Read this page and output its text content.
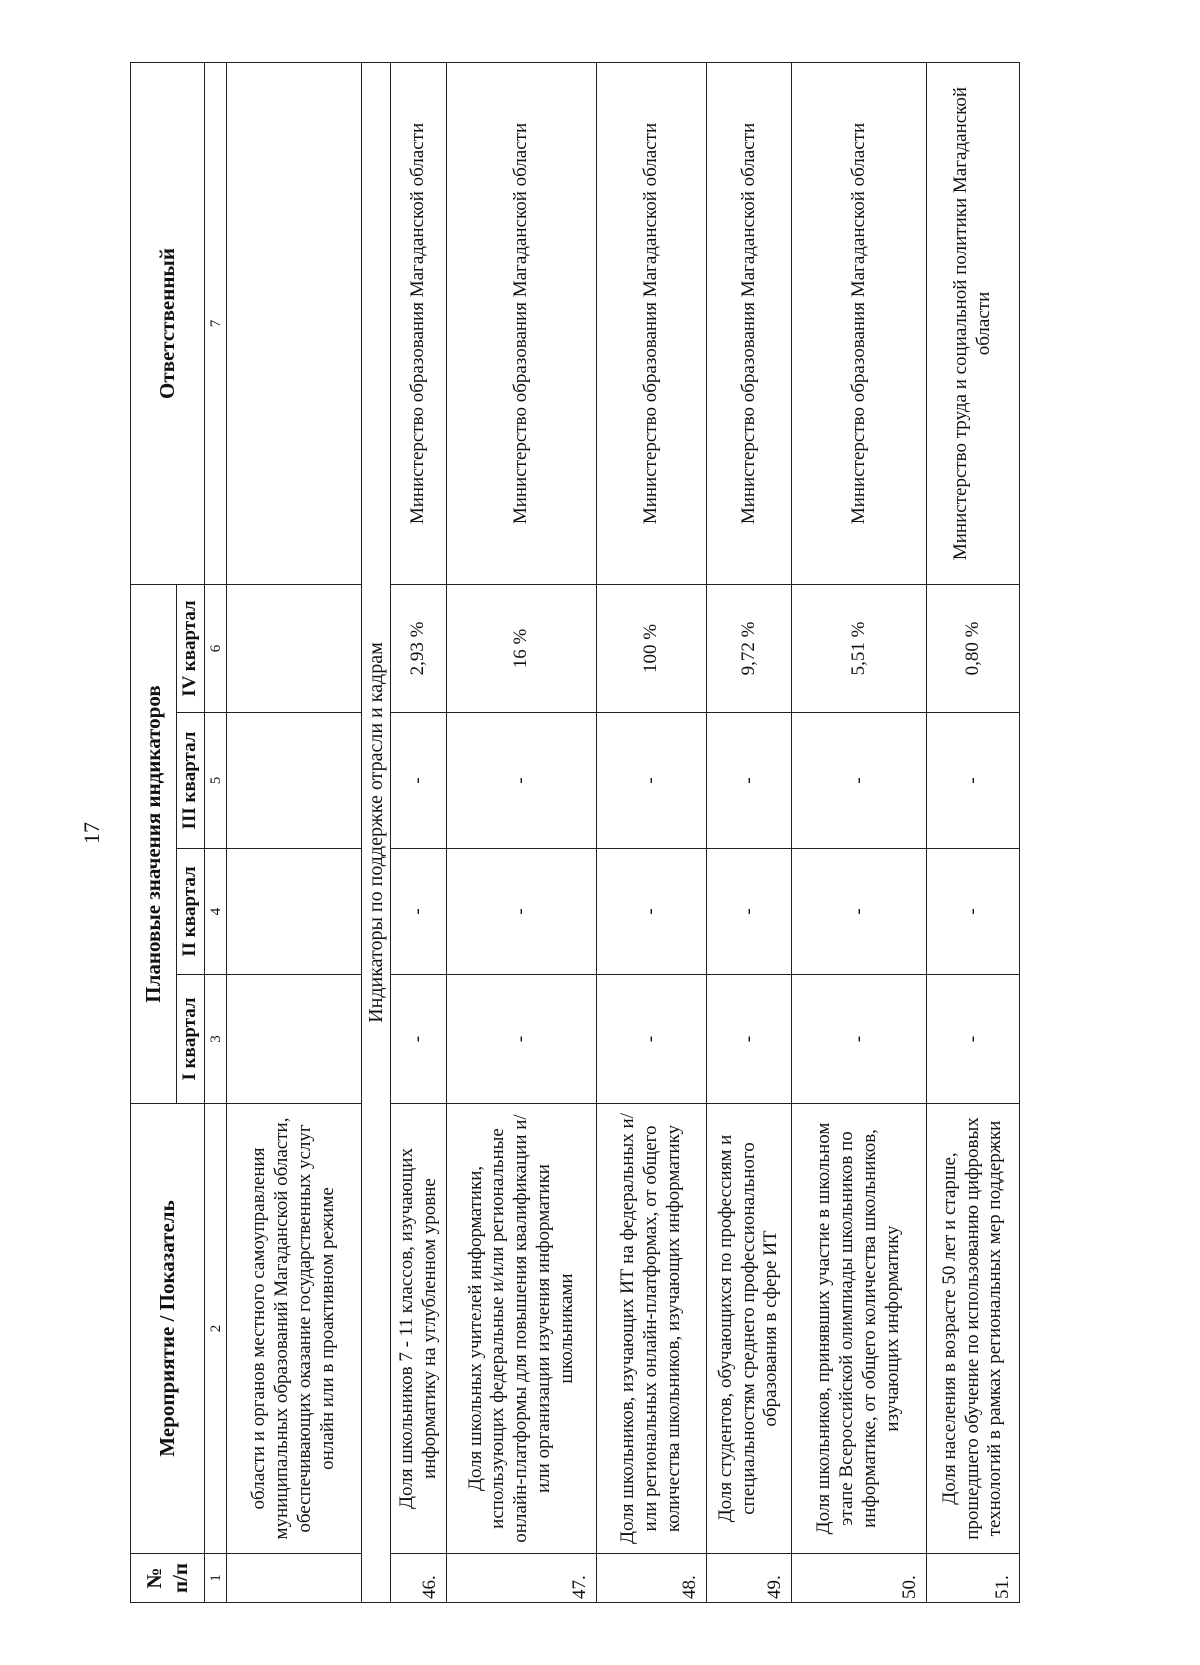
17
№ п/п	Мероприятие / Показатель	Плановые значения индикаторов				Ответственный
		I квартал	II квартал	III квартал	IV квартал	
1	2	3	4	5	6	7
	области и органов местного самоуправления муниципальных образований Магаданской области, обеспечивающих оказание государственных услуг онлайн или в проактивном режиме					
Индикаторы по поддержке отрасли и кадрам						
46.	Доля школьников 7 - 11 классов, изучающих информатику на углубленном уровне	-	-	-	2,93 %	Министерство образования Магаданской области
47.	Доля школьных учителей информатики, использующих федеральные и/или региональные онлайн-платформы для повышения квалификации и/или организации изучения информатики школьниками	-	-	-	16 %	Министерство образования Магаданской области
48.	Доля школьников, изучающих ИТ на федеральных и/или региональных онлайн-платформах, от общего количества школьников, изучающих информатику	-	-	-	100 %	Министерство образования Магаданской области
49.	Доля студентов, обучающихся по профессиям и специальностям среднего профессионального образования в сфере ИТ	-	-	-	9,72 %	Министерство образования Магаданской области
50.	Доля школьников, принявших участие в школьном этапе Всероссийской олимпиады школьников по информатике, от общего количества школьников, изучающих информатику	-	-	-	5,51 %	Министерство образования Магаданской области
51.	Доля населения в возрасте 50 лет и старше, прошедшего обучение по использованию цифровых технологий в рамках региональных мер поддержки	-	-	-	0,80 %	Министерство труда и социальной политики Магаданской области
